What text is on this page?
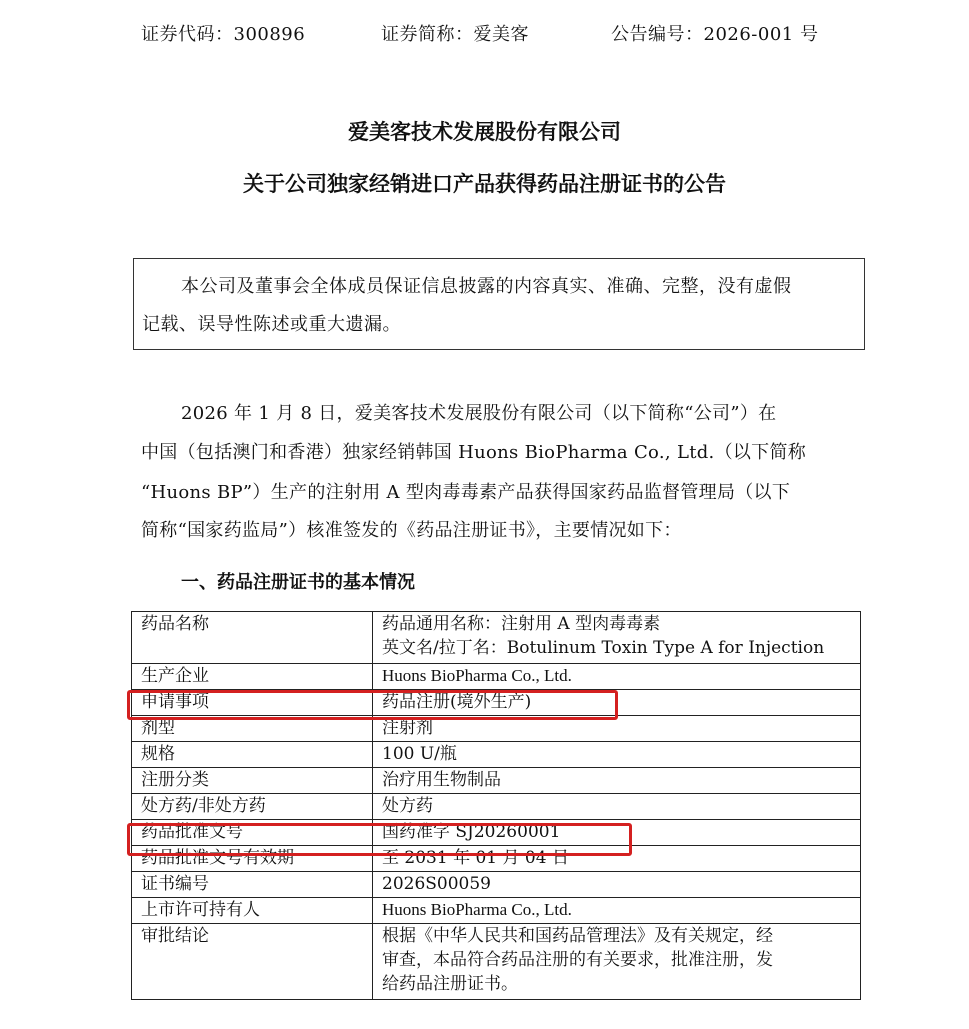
证券代码：300896	证券简称：爱美客	公告编号：2026-001 号
爱美客技术发展股份有限公司
关于公司独家经销进口产品获得药品注册证书的公告
本公司及董事会全体成员保证信息披露的内容真实、准确、完整，没有虚假
记载、误导性陈述或重大遗漏。
2026 年 1 月 8 日，爱美客技术发展股份有限公司（以下简称“公司”）在
中国（包括澳门和香港）独家经销韩国 Huons BioPharma Co., Ltd.（以下简称
“Huons BP”）生产的注射用 A 型肉毒毒素产品获得国家药品监督管理局（以下
简称“国家药监局”）核准签发的《药品注册证书》，主要情况如下：
一、药品注册证书的基本情况
药品名称	药品通用名称：注射用 A 型肉毒毒素
英文名/拉丁名：Botulinum Toxin Type A for Injection

生产企业	Huons BioPharma Co., Ltd.
申请事项	药品注册(境外生产)
剂型	注射剂
规格	100 U/瓶
注册分类	治疗用生物制品
处方药/非处方药	处方药
药品批准文号	国药准字 SJ20260001
药品批准文号有效期	至 2031 年 01 月 04 日
证书编号	2026S00059
上市许可持有人	Huons BioPharma Co., Ltd.
审批结论	根据《中华人民共和国药品管理法》及有关规定，经
审查，本品符合药品注册的有关要求，批准注册，发
给药品注册证书。
